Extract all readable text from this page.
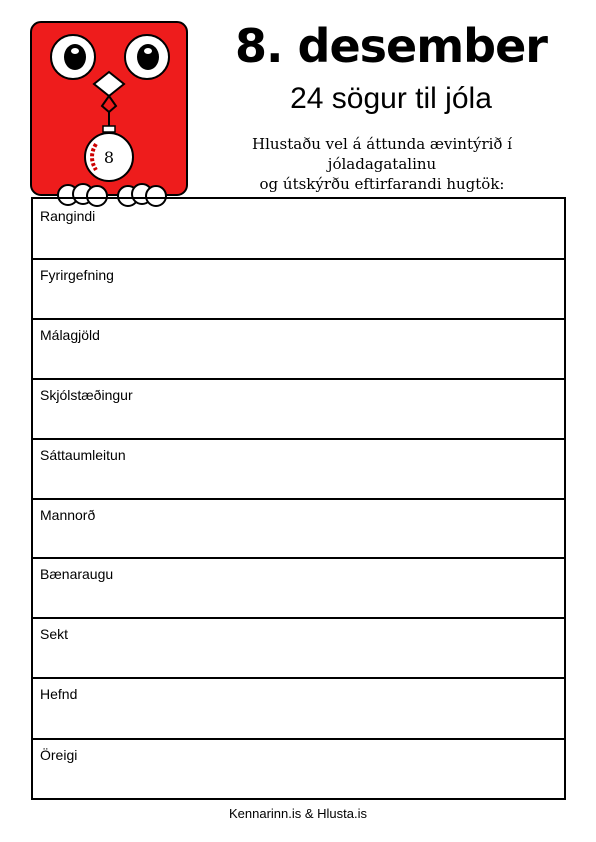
8
8. desember
24 sögur til jóla
Hlustaðu vel á áttunda ævintýrið í jóladagatalinu
og útskýrðu eftirfarandi hugtök:
Rangindi
Fyrirgefning
Málagjöld
Skjólstæðingur
Sáttaumleitun
Mannorð
Bænaraugu
Sekt
Hefnd
Öreigi
Kennarinn.is & Hlusta.is
